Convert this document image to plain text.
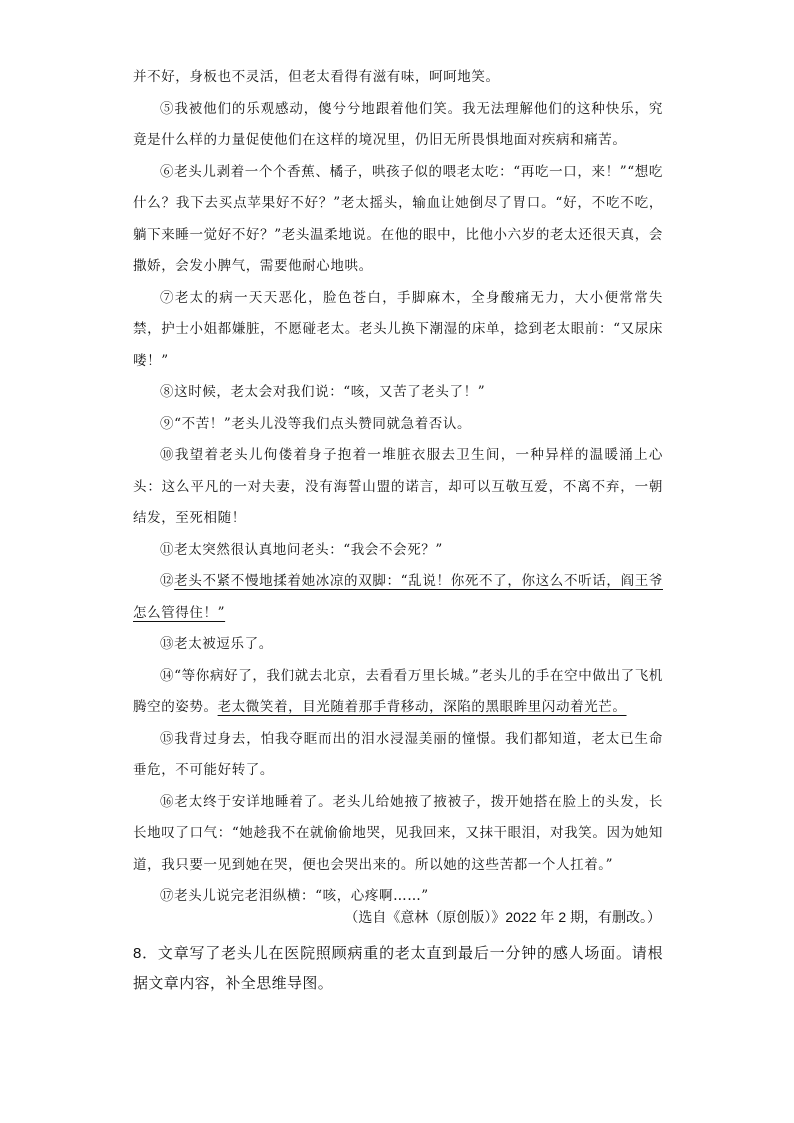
并不好，身板也不灵活，但老太看得有滋有味，呵呵地笑。

⑤我被他们的乐观感动，傻兮兮地跟着他们笑。我无法理解他们的这种快乐，究竟是什么样的力量促使他们在这样的境况里，仍旧无所畏惧地面对疾病和痛苦。

⑥老头儿剥着一个个香蕉、橘子，哄孩子似的喂老太吃：“再吃一口，来！”“想吃什么？我下去买点苹果好不好？”老太摇头，输血让她倒尽了胃口。“好，不吃不吃，躺下来睡一觉好不好？”老头温柔地说。在他的眼中，比他小六岁的老太还很天真，会撒娇，会发小脾气，需要他耐心地哄。

⑦老太的病一天天恶化，脸色苍白，手脚麻木，全身酸痛无力，大小便常常失禁，护士小姐都嫌脏，不愿碰老太。老头儿换下潮湿的床单，捻到老太眼前：“又尿床喽！”

⑧这时候，老太会对我们说：“咳，又苦了老头了！”

⑨“不苦！”老头儿没等我们点头赞同就急着否认。

⑩我望着老头儿佝偻着身子抱着一堆脏衣服去卫生间，一种异样的温暖涌上心头：这么平凡的一对夫妻，没有海誓山盟的诺言，却可以互敬互爱，不离不弃，一朝结发，至死相随！

⑪老太突然很认真地问老头：“我会不会死？”

⑫老头不紧不慢地揉着她冰凉的双脚：“乱说！你死不了，你这么不听话，阎王爷怎么管得住！”

⑬老太被逗乐了。

⑭“等你病好了，我们就去北京，去看看万里长城。”老头儿的手在空中做出了飞机腾空的姿势。老太微笑着，目光随着那手背移动，深陷的黑眼眸里闪动着光芒。

⑮我背过身去，怕我夺眶而出的泪水浸湿美丽的憧憬。我们都知道，老太已生命垂危，不可能好转了。

⑯老太终于安详地睡着了。老头儿给她掖了掖被子，拨开她搭在脸上的头发，长长地叹了口气：“她趁我不在就偷偷地哭，见我回来，又抹干眼泪，对我笑。因为她知道，我只要一见到她在哭，便也会哭出来的。所以她的这些苦都一个人扛着。”

⑰老头儿说完老泪纵横：“咳，心疼啊……”

（选自《意林（原创版）》2022 年 2 期，有删改。）

8．文章写了老头儿在医院照顾病重的老太直到最后一分钟的感人场面。请根据文章内容，补全思维导图。
